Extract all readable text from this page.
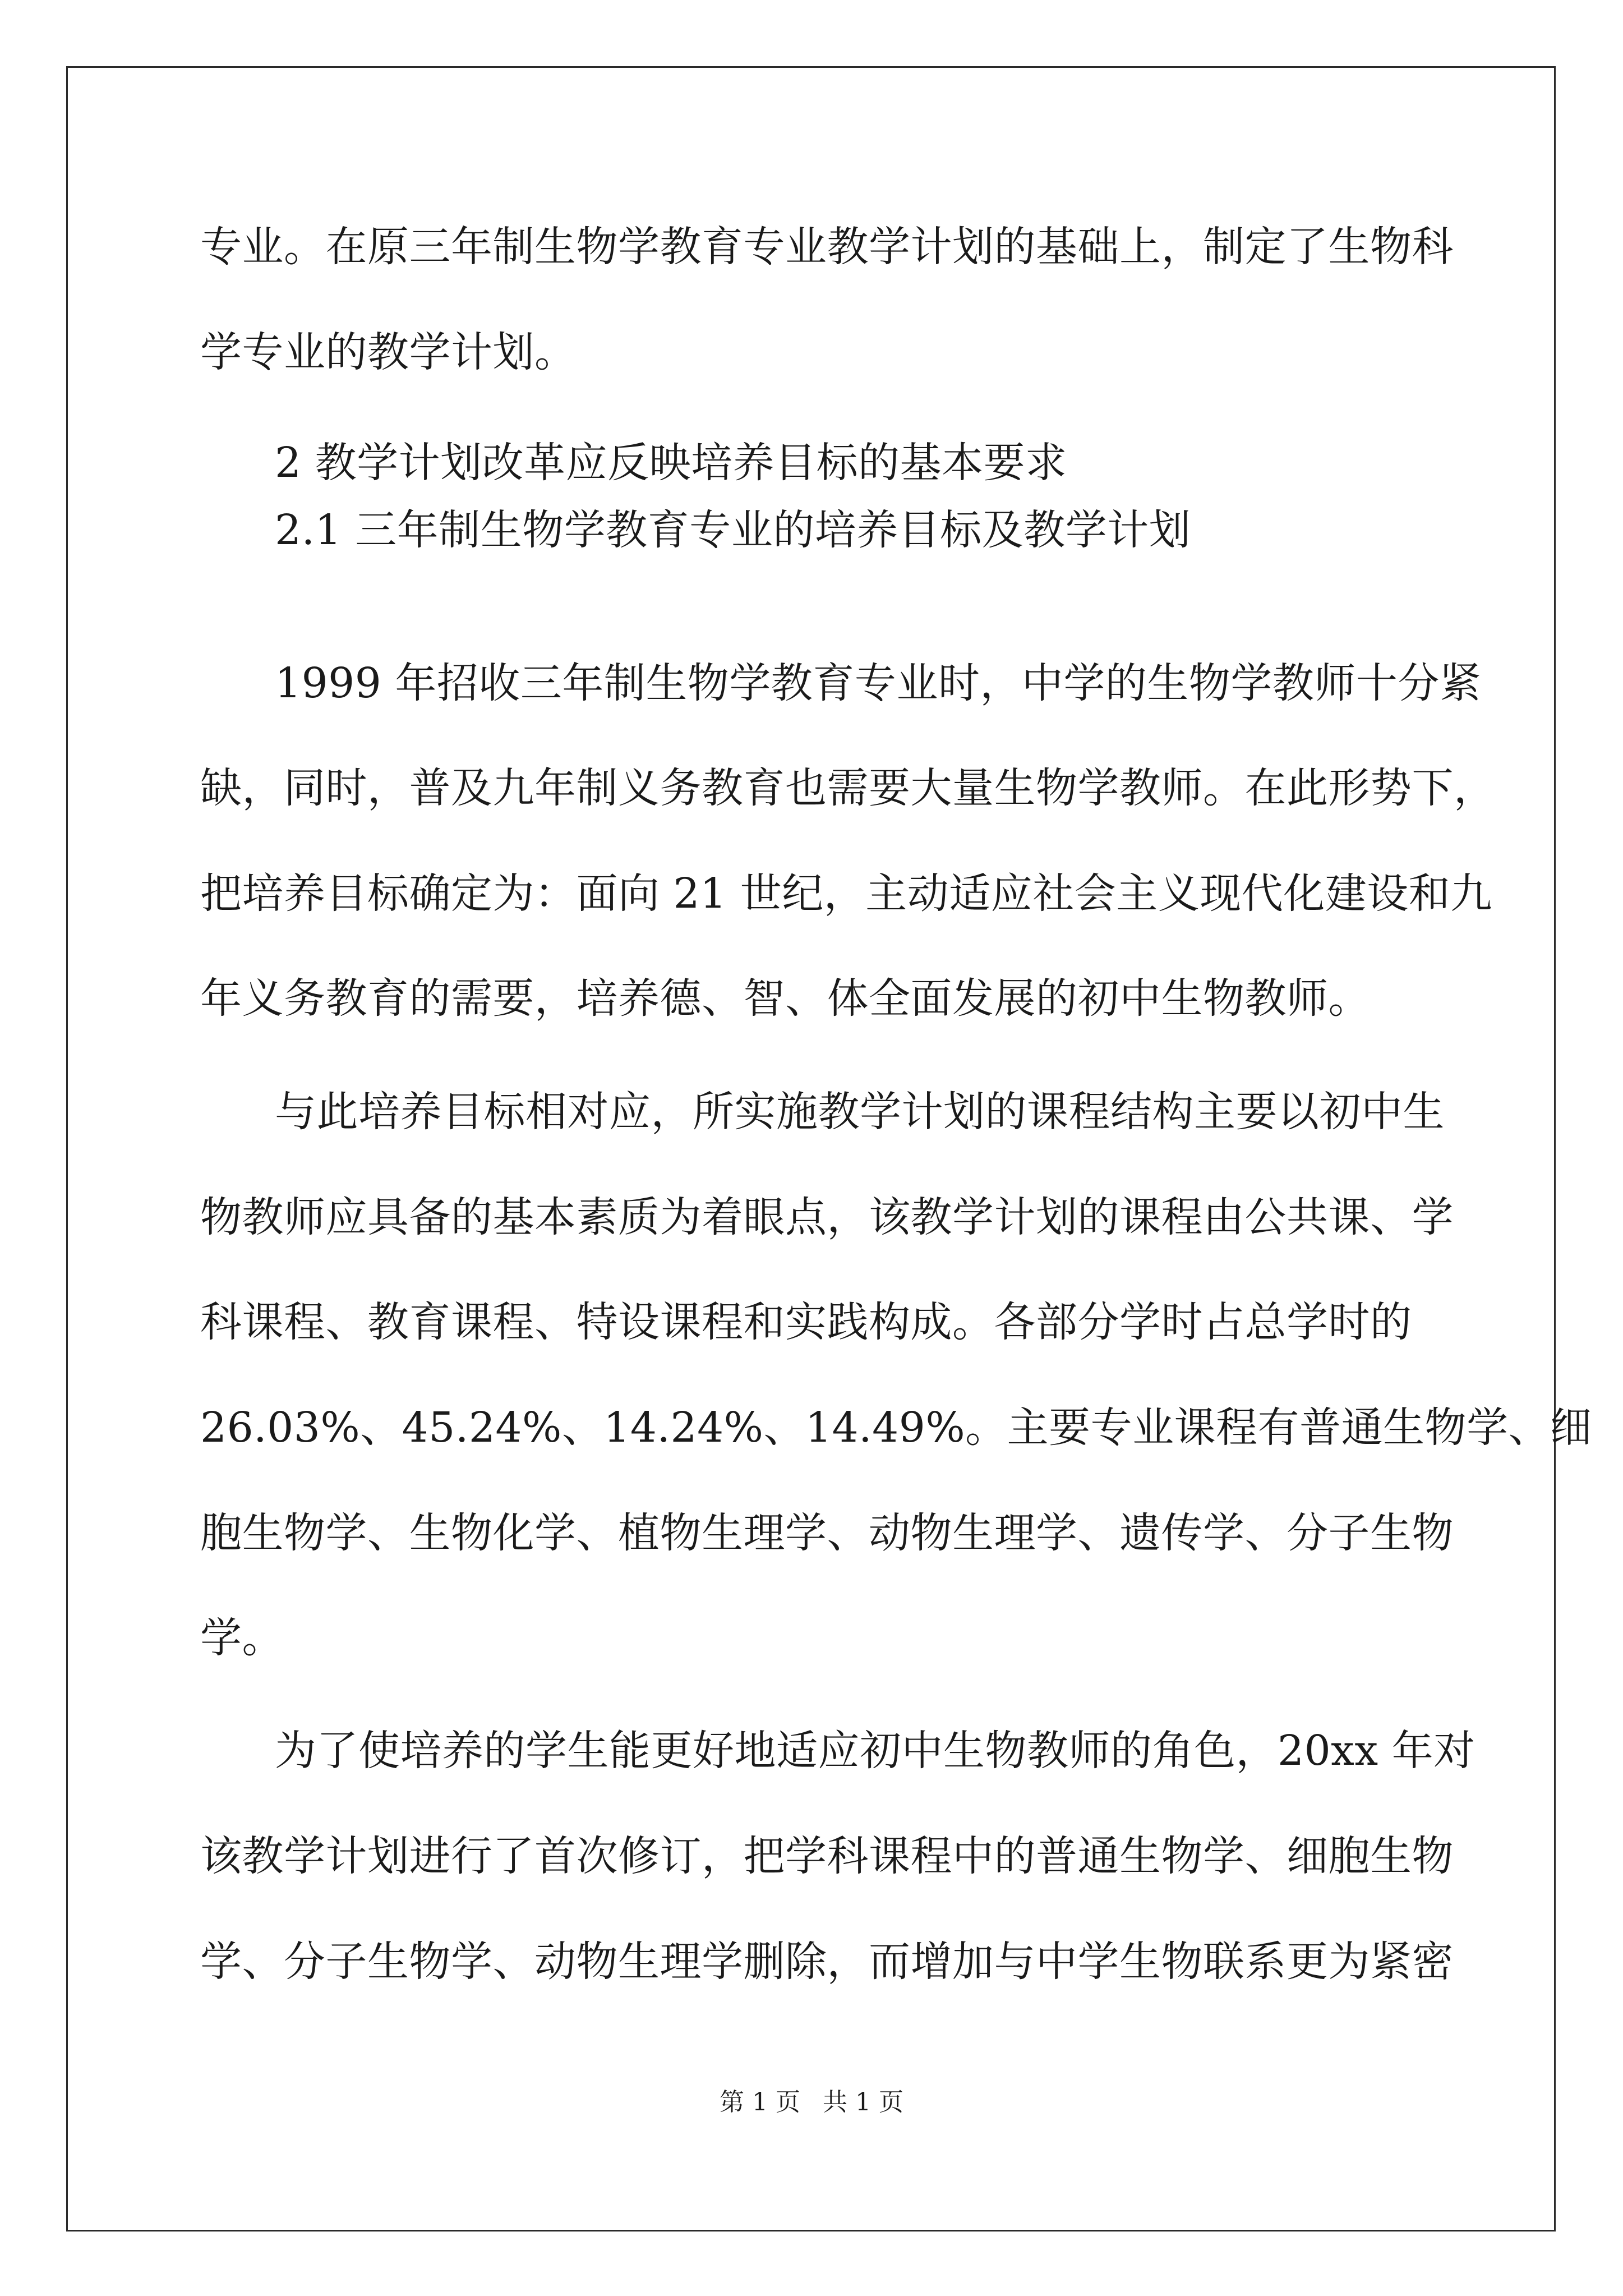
专业。在原三年制生物学教育专业教学计划的基础上，制定了生物科
学专业的教学计划。
2 教学计划改革应反映培养目标的基本要求
2.1 三年制生物学教育专业的培养目标及教学计划
1999 年招收三年制生物学教育专业时，中学的生物学教师十分紧
缺，同时，普及九年制义务教育也需要大量生物学教师。在此形势下，
把培养目标确定为：面向 21 世纪，主动适应社会主义现代化建设和九
年义务教育的需要，培养德、智、体全面发展的初中生物教师。
与此培养目标相对应，所实施教学计划的课程结构主要以初中生
物教师应具备的基本素质为着眼点，该教学计划的课程由公共课、学
科课程、教育课程、特设课程和实践构成。各部分学时占总学时的
26.03%、45.24%、14.24%、14.49%。主要专业课程有普通生物学、细
胞生物学、生物化学、植物生理学、动物生理学、遗传学、分子生物
学。
为了使培养的学生能更好地适应初中生物教师的角色，20xx 年对
该教学计划进行了首次修订，把学科课程中的普通生物学、细胞生物
学、分子生物学、动物生理学删除，而增加与中学生物联系更为紧密
第 1 页 共 1 页
